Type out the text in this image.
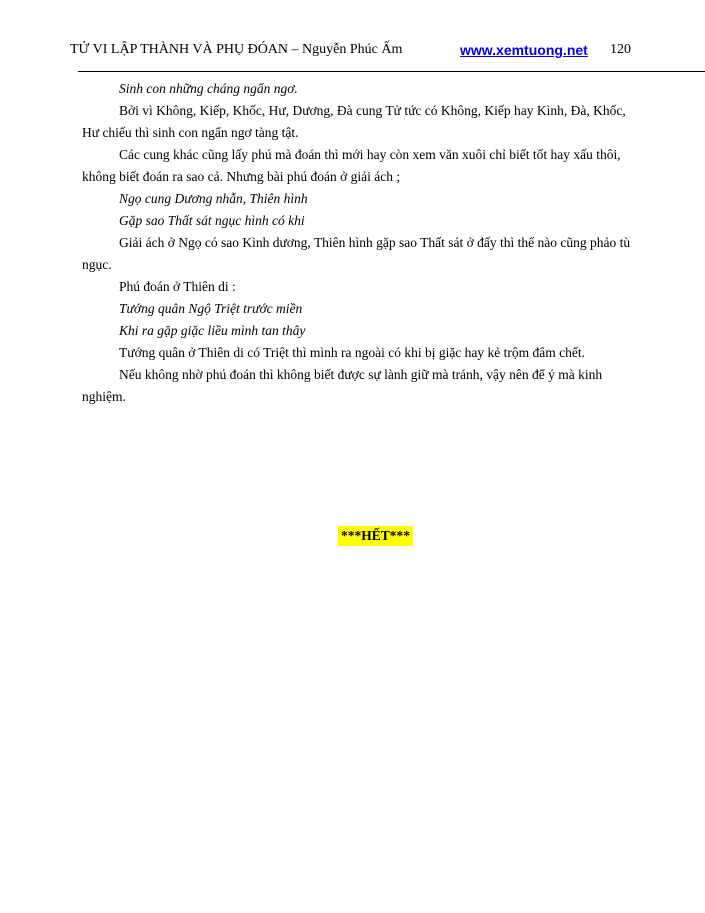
TỬ VI LẬP THÀNH VÀ PHỤ ĐÓAN – Nguyễn Phúc Ấm	www.xemtuong.net 120

Sinh con những cháng ngẩn ngơ.

Bởi vì Không, Kiếp, Khốc, Hư, Dương, Đà cung Tử tức có Không, Kiếp hay Kình, Đà, Khốc, Hư chiếu thì sinh con ngẩn ngơ tàng tật.

Các cung khác cũng lấy phú mà đoán thì mới hay còn xem văn xuôi chỉ biết tốt hay xấu thôi, không biết đoán ra sao cả. Nhưng bài phú đoán ở giải ách ;

Ngọ cung Dương nhẫn, Thiên hình

Gặp sao Thất sát ngục hình có khi

Giải ách ở Ngọ có sao Kình dương, Thiên hình gặp sao Thất sát ở đấy thì thế nào cũng phảo tù ngục.

Phú đoán ở Thiên di :

Tướng quân Ngộ Triệt trước miền

Khi ra gặp giặc liều mình tan thây

Tướng quân ở Thiên di có Triệt thì mình ra ngoài có khi bị giặc hay kẻ trộm đâm chết.

Nếu không nhờ phú đoán thì không biết được sự lành giữ mà tránh, vậy nên để ý mà kinh nghiệm.

***HẾT***
